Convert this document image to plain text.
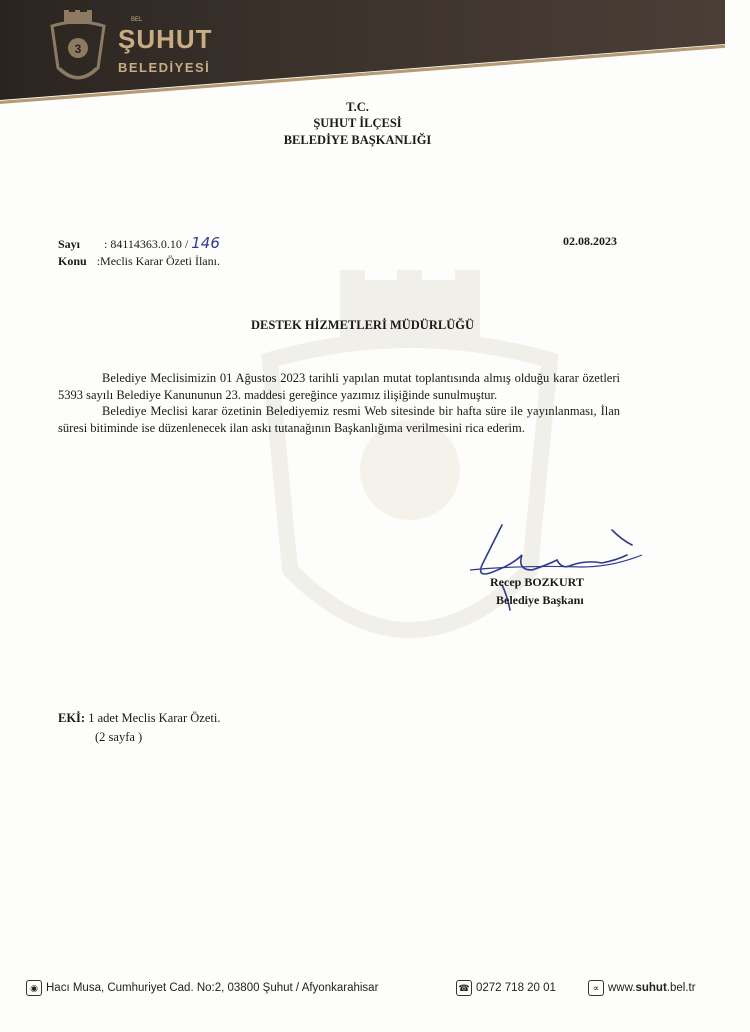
3
BEL
ŞUHUT
BELEDİYESİ
T.C.
ŞUHUT İLÇESİ
BELEDİYE BAŞKANLIĞI
Sayı : 84114363.0.10 / 146
Konu :Meclis Karar Özeti İlanı.
02.08.2023
DESTEK HİZMETLERİ MÜDÜRLÜĞÜ

Belediye Meclisimizin 01 Ağustos 2023 tarihli yapılan mutat toplantısında almış olduğu karar özetleri 5393 sayılı Belediye Kanununun 23. maddesi gereğince yazımız ilişiğinde sunulmuştur.

Belediye Meclisi karar özetinin Belediyemiz resmi Web sitesinde bir hafta süre ile yayınlanması, İlan süresi bitiminde ise düzenlenecek ilan askı tutanağının Başkanlığıma verilmesini rica ederim.

Recep BOZKURT
Belediye Başkanı
EKİ: 1 adet Meclis Karar Özeti.
(2 sayfa )
◉ Hacı Musa, Cumhuriyet Cad. No:2, 03800 Şuhut / Afyonkarahisar	☎ 0272 718 20 01	∝ www.suhut.bel.tr
